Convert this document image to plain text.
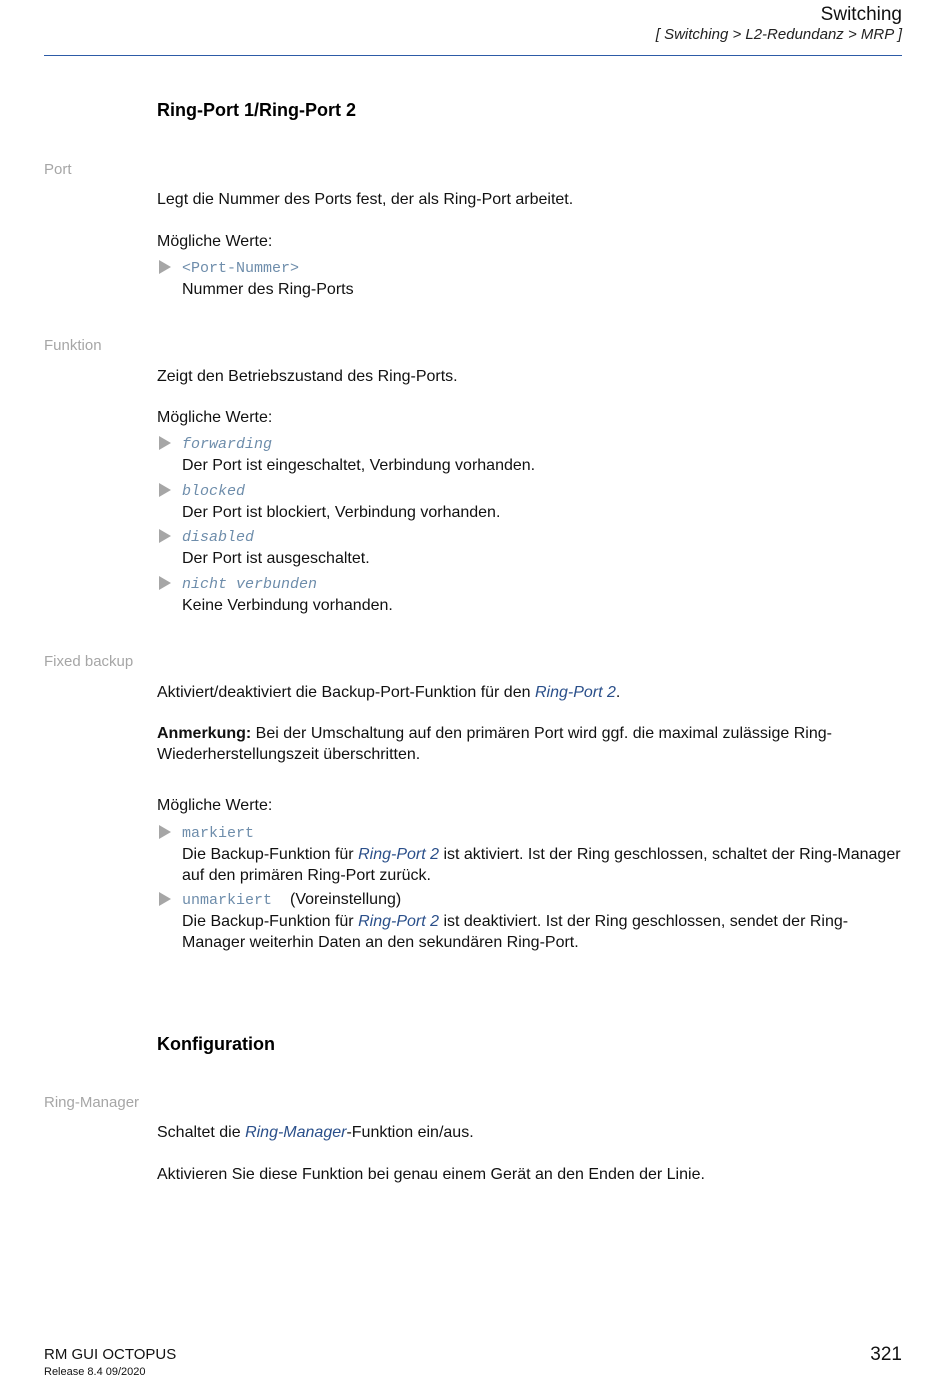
Switching
[ Switching > L2-Redundanz > MRP ]
Ring-Port 1/Ring-Port 2
Port
Legt die Nummer des Ports fest, der als Ring-Port arbeitet.
Mögliche Werte:
<Port-Nummer>
Nummer des Ring-Ports
Funktion
Zeigt den Betriebszustand des Ring-Ports.
Mögliche Werte:
forwarding
Der Port ist eingeschaltet, Verbindung vorhanden.
blocked
Der Port ist blockiert, Verbindung vorhanden.
disabled
Der Port ist ausgeschaltet.
nicht verbunden
Keine Verbindung vorhanden.
Fixed backup
Aktiviert/deaktiviert die Backup-Port-Funktion für den Ring-Port 2.
Anmerkung: Bei der Umschaltung auf den primären Port wird ggf. die maximal zulässige Ring-Wiederherstellungszeit überschritten.
Mögliche Werte:
markiert
Die Backup-Funktion für Ring-Port 2 ist aktiviert. Ist der Ring geschlossen, schaltet der Ring-Manager auf den primären Ring-Port zurück.
unmarkiert (Voreinstellung)
Die Backup-Funktion für Ring-Port 2 ist deaktiviert. Ist der Ring geschlossen, sendet der Ring-Manager weiterhin Daten an den sekundären Ring-Port.
Konfiguration
Ring-Manager
Schaltet die Ring-Manager-Funktion ein/aus.
Aktivieren Sie diese Funktion bei genau einem Gerät an den Enden der Linie.
RM GUI OCTOPUS
Release 8.4 09/2020
321
